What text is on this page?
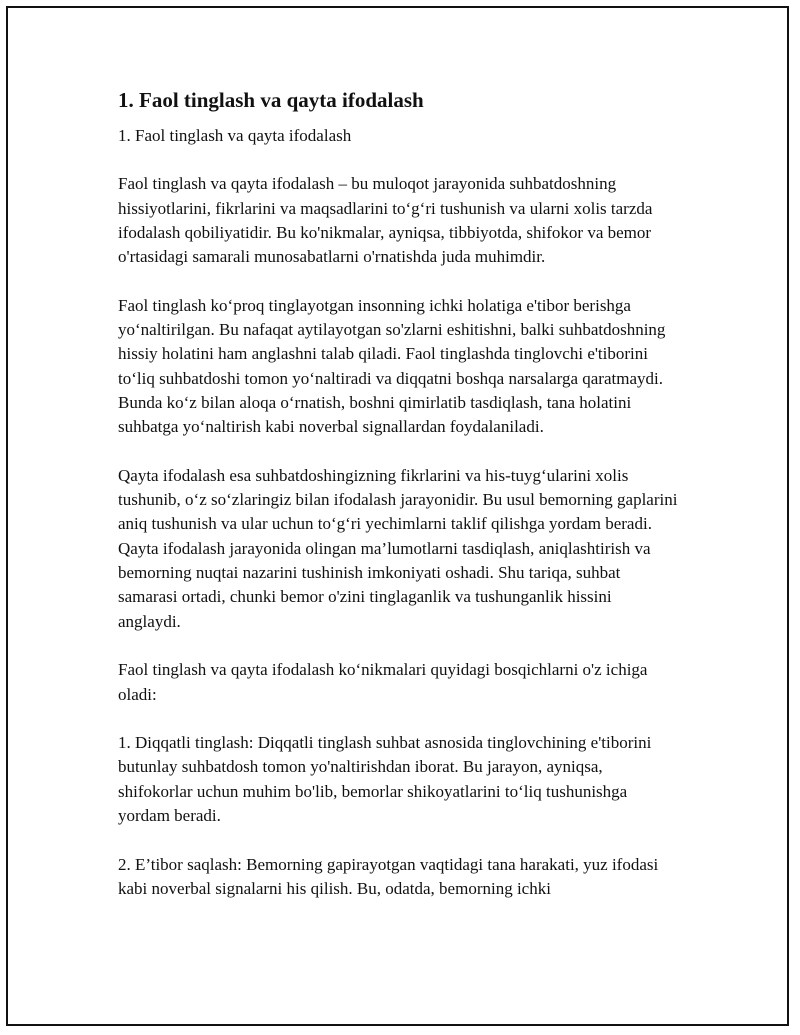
1. Faol tinglash va qayta ifodalash
1. Faol tinglash va qayta ifodalash

Faol tinglash va qayta ifodalash – bu muloqot jarayonida suhbatdoshning hissiyotlarini, fikrlarini va maqsadlarini to‘g‘ri tushunish va ularni xolis tarzda ifodalash qobiliyatidir. Bu ko'nikmalar, ayniqsa, tibbiyotda, shifokor va bemor o'rtasidagi samarali munosabatlarni o'rnatishda juda muhimdir.

Faol tinglash ko‘proq tinglayotgan insonning ichki holatiga e'tibor berishga yo‘naltirilgan. Bu nafaqat aytilayotgan so'zlarni eshitishni, balki suhbatdoshning hissiy holatini ham anglashni talab qiladi. Faol tinglashda tinglovchi e'tiborini to‘liq suhbatdoshi tomon yo‘naltiradi va diqqatni boshqa narsalarga qaratmaydi. Bunda ko‘z bilan aloqa o‘rnatish, boshni qimirlatib tasdiqlash, tana holatini suhbatga yo‘naltirish kabi noverbal signallardan foydalaniladi.

Qayta ifodalash esa suhbatdoshingizning fikrlarini va his-tuyg‘ularini xolis tushunib, o‘z so‘zlaringiz bilan ifodalash jarayonidir. Bu usul bemorning gaplarini aniq tushunish va ular uchun to‘g‘ri yechimlarni taklif qilishga yordam beradi. Qayta ifodalash jarayonida olingan ma’lumotlarni tasdiqlash, aniqlashtirish va bemorning nuqtai nazarini tushinish imkoniyati oshadi. Shu tariqa, suhbat samarasi ortadi, chunki bemor o'zini tinglaganlik va tushunganlik hissini anglaydi.

Faol tinglash va qayta ifodalash ko‘nikmalari quyidagi bosqichlarni o'z ichiga oladi:

1. Diqqatli tinglash: Diqqatli tinglash suhbat asnosida tinglovchining e'tiborini butunlay suhbatdosh tomon yo'naltirishdan iborat. Bu jarayon, ayniqsa, shifokorlar uchun muhim bo'lib, bemorlar shikoyatlarini to‘liq tushunishga yordam beradi.

2. E’tibor saqlash: Bemorning gapirayotgan vaqtidagi tana harakati, yuz ifodasi kabi noverbal signalarni his qilish. Bu, odatda, bemorning ichki
